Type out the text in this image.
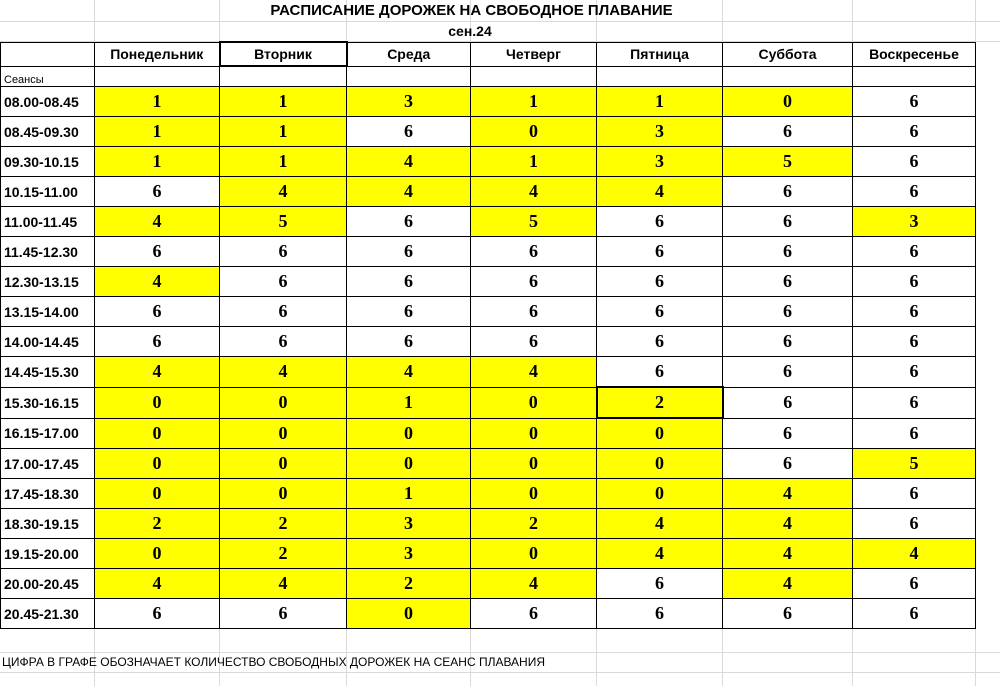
РАСПИСАНИЕ ДОРОЖЕК НА СВОБОДНОЕ ПЛАВАНИЕ
сен.24
	Понедельник	Вторник	Среда	Четверг	Пятница	Суббота	Воскресенье
Сеансы							
08.00-08.45	1	1	3	1	1	0	6
08.45-09.30	1	1	6	0	3	6	6
09.30-10.15	1	1	4	1	3	5	6
10.15-11.00	6	4	4	4	4	6	6
11.00-11.45	4	5	6	5	6	6	3
11.45-12.30	6	6	6	6	6	6	6
12.30-13.15	4	6	6	6	6	6	6
13.15-14.00	6	6	6	6	6	6	6
14.00-14.45	6	6	6	6	6	6	6
14.45-15.30	4	4	4	4	6	6	6
15.30-16.15	0	0	1	0	2	6	6
16.15-17.00	0	0	0	0	0	6	6
17.00-17.45	0	0	0	0	0	6	5
17.45-18.30	0	0	1	0	0	4	6
18.30-19.15	2	2	3	2	4	4	6
19.15-20.00	0	2	3	0	4	4	4
20.00-20.45	4	4	2	4	6	4	6
20.45-21.30	6	6	0	6	6	6	6
ЦИФРА В ГРАФЕ ОБОЗНАЧАЕТ КОЛИЧЕСТВО СВОБОДНЫХ ДОРОЖЕК НА СЕАНС ПЛАВАНИЯ
